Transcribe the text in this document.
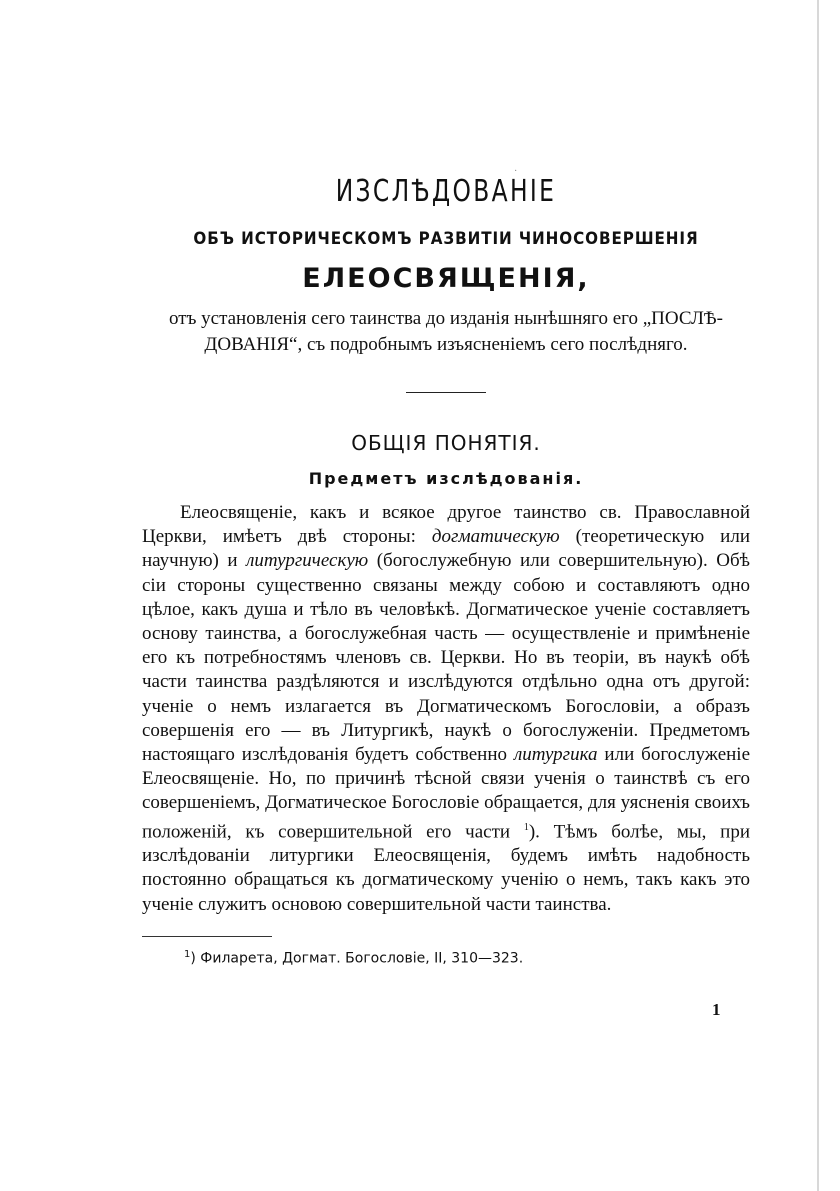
·
ИЗСЛѢДОВАНІЕ
ОБЪ ИСТОРИЧЕСКОМЪ РАЗВИТІИ ЧИНОСОВЕРШЕНІЯ
ЕЛЕОСВЯЩЕНІЯ,
отъ установленія сего таинства до изданія нынѣшняго его „ПОСЛѢ-ДОВАНІЯ“, съ подробнымъ изъясненіемъ сего послѣдняго.
ОБЩІЯ ПОНЯТІЯ.
Предметъ изслѣдованія.

Елеосвященіе, какъ и всякое другое таинство св. Православной Церкви, имѣетъ двѣ стороны: догматическую (теоретическую или научную) и литургическую (богослужебную или совершительную). Обѣ сіи стороны существенно связаны между собою и составляютъ одно цѣлое, какъ душа и тѣло въ человѣкѣ. Догматическое ученіе составляетъ основу таинства, а богослужебная часть — осуществленіе и примѣненіе его къ потребностямъ членовъ св. Церкви. Но въ теоріи, въ наукѣ обѣ части таинства раздѣляются и изслѣдуются отдѣльно одна отъ другой: ученіе о немъ излагается въ Догматическомъ Богословіи, а образъ совершенія его — въ Литургикѣ, наукѣ о богослуженіи. Предметомъ настоящаго изслѣдованія будетъ собственно литургика или богослуженіе Елеосвященіе. Но, по причинѣ тѣсной связи ученія о таинствѣ съ его совершеніемъ, Догматическое Богословіе обращается, для уясненія своихъ положеній, къ совершительной его части $^1$). Тѣмъ болѣе, мы, при изслѣдованіи литургики Елеосвященія, будемъ имѣть надобность постоянно обращаться къ догматическому ученію о немъ, такъ какъ это ученіе служитъ основою совершительной части таинства.

$^1$) Филарета, Догмат. Богословіе, II, 310—323.
1
